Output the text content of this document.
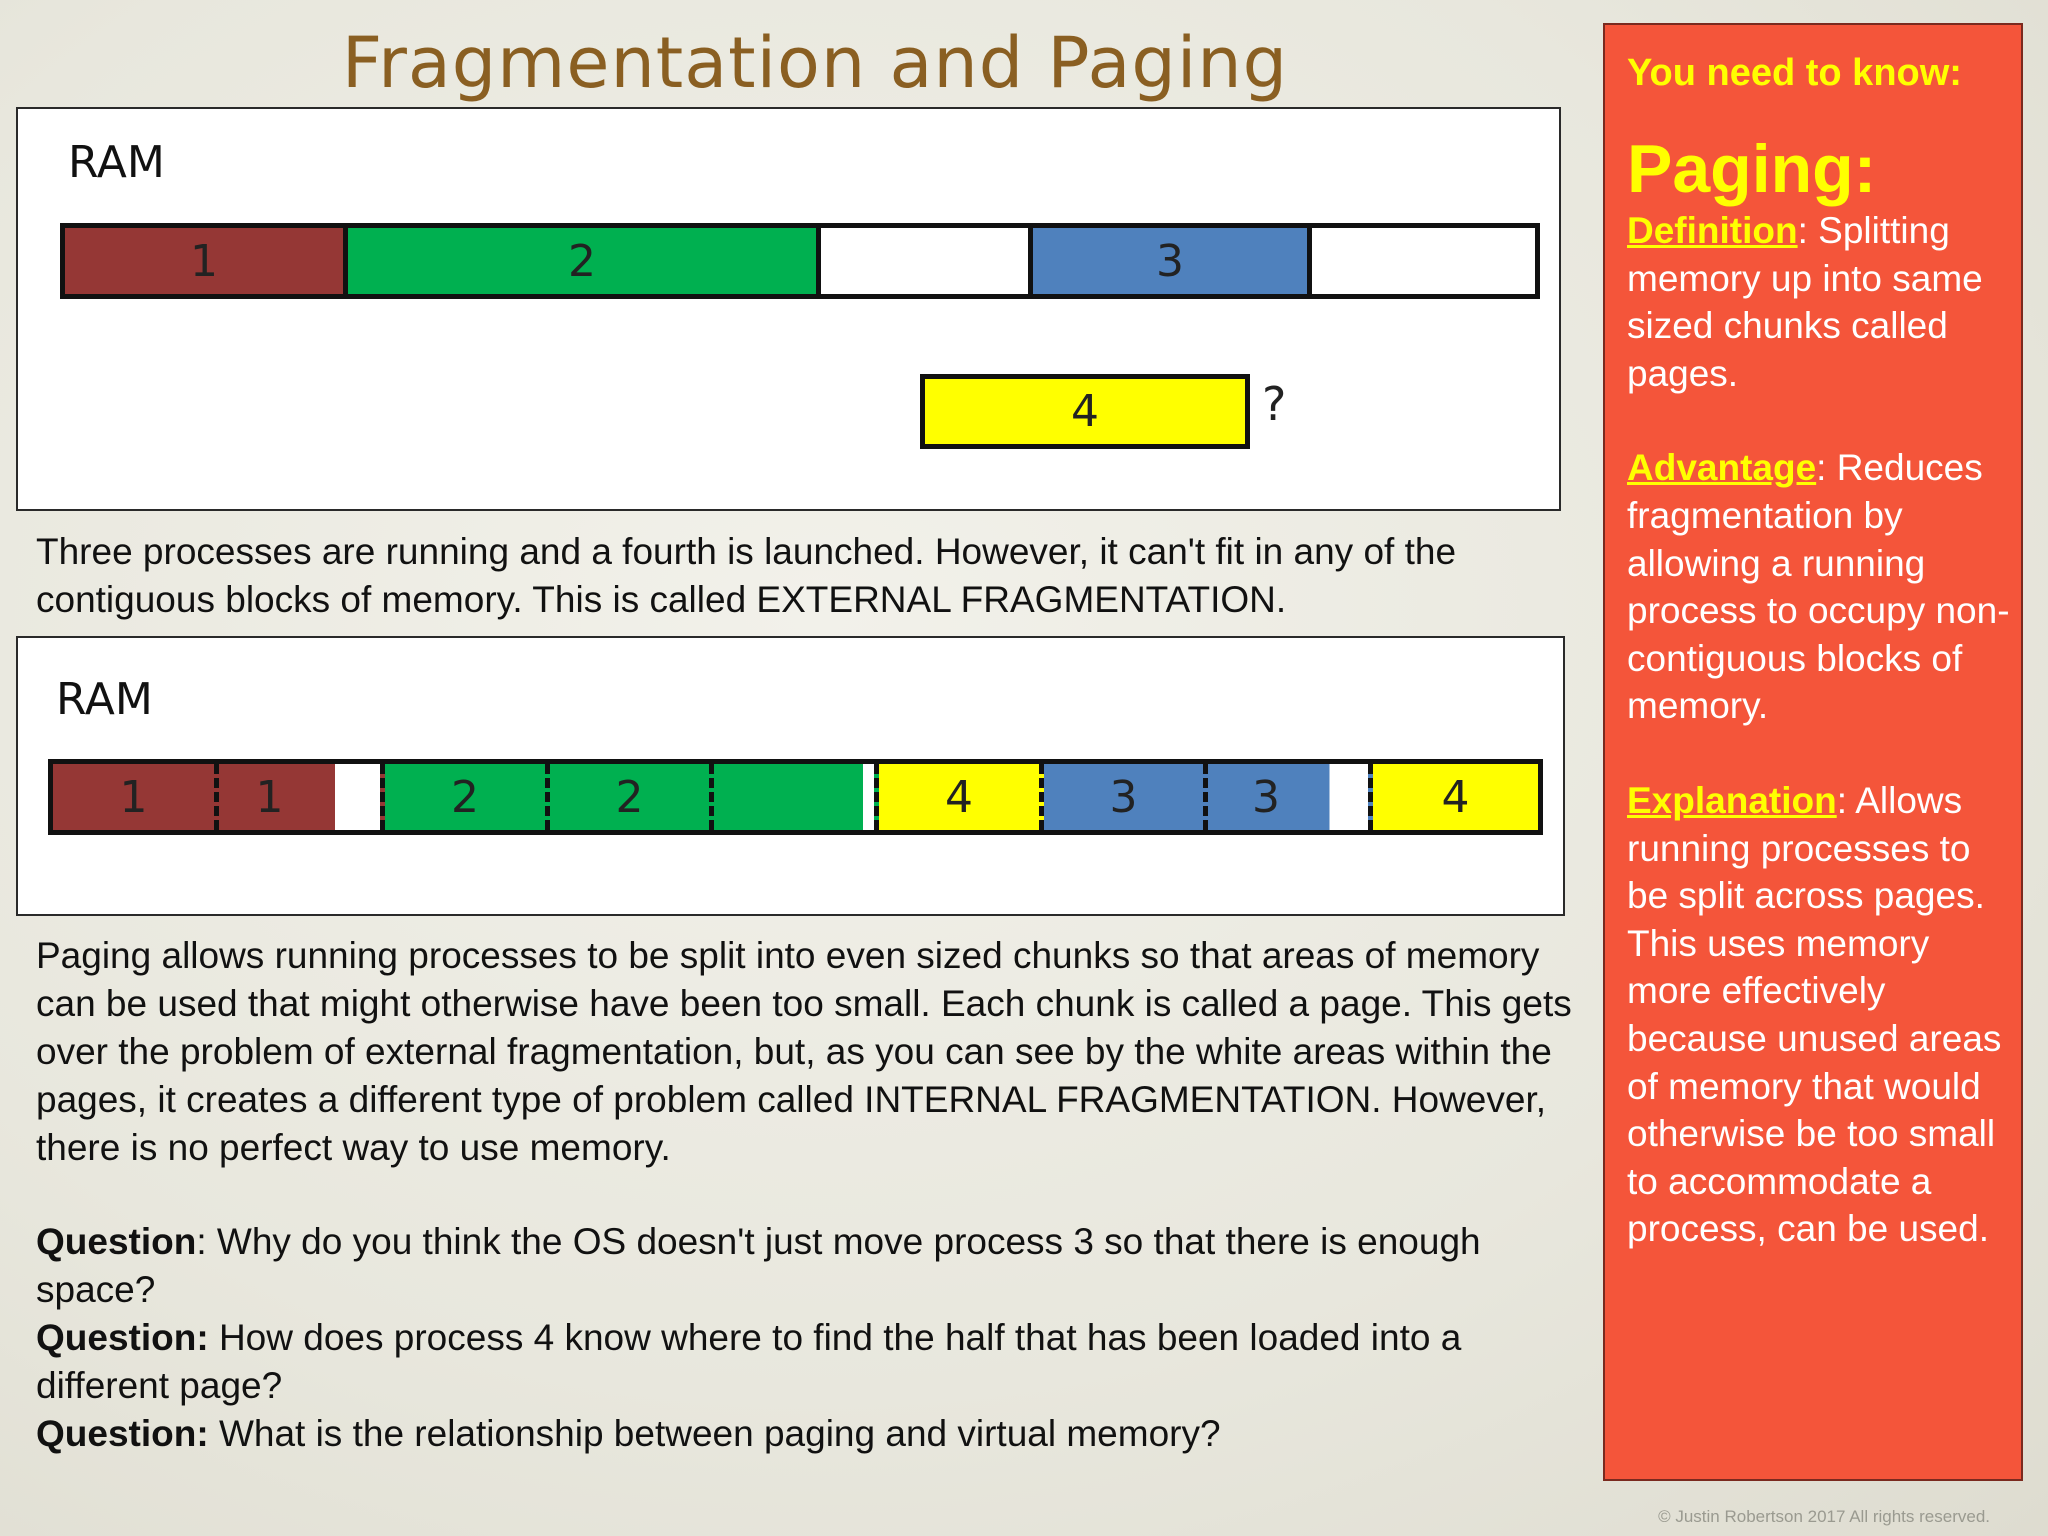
Fragmentation and Paging
RAM
1	2	3
4	?
Three processes are running and a fourth is launched. However, it can't fit in any of the contiguous blocks of memory. This is called EXTERNAL FRAGMENTATION.
RAM
1	1	2	2	4	3	3	4
Paging allows running processes to be split into even sized chunks so that areas of memory can be used that might otherwise have been too small. Each chunk is called a page. This gets over the problem of external fragmentation, but, as you can see by the white areas within the pages, it creates a different type of problem called INTERNAL FRAGMENTATION. However, there is no perfect way to use memory.
Question: Why do you think the OS doesn't just move process 3 so that there is enough space?
Question: How does process 4 know where to find the half that has been loaded into a different page?
Question: What is the relationship between paging and virtual memory?
You need to know:
Paging:
Definition: Splitting memory up into same sized chunks called pages.
Advantage: Reduces fragmentation by allowing a running process to occupy non-contiguous blocks of memory.
Explanation: Allows running processes to be split across pages. This uses memory more effectively because unused areas of memory that would otherwise be too small to accommodate a process, can be used.
© Justin Robertson 2017 All rights reserved.
